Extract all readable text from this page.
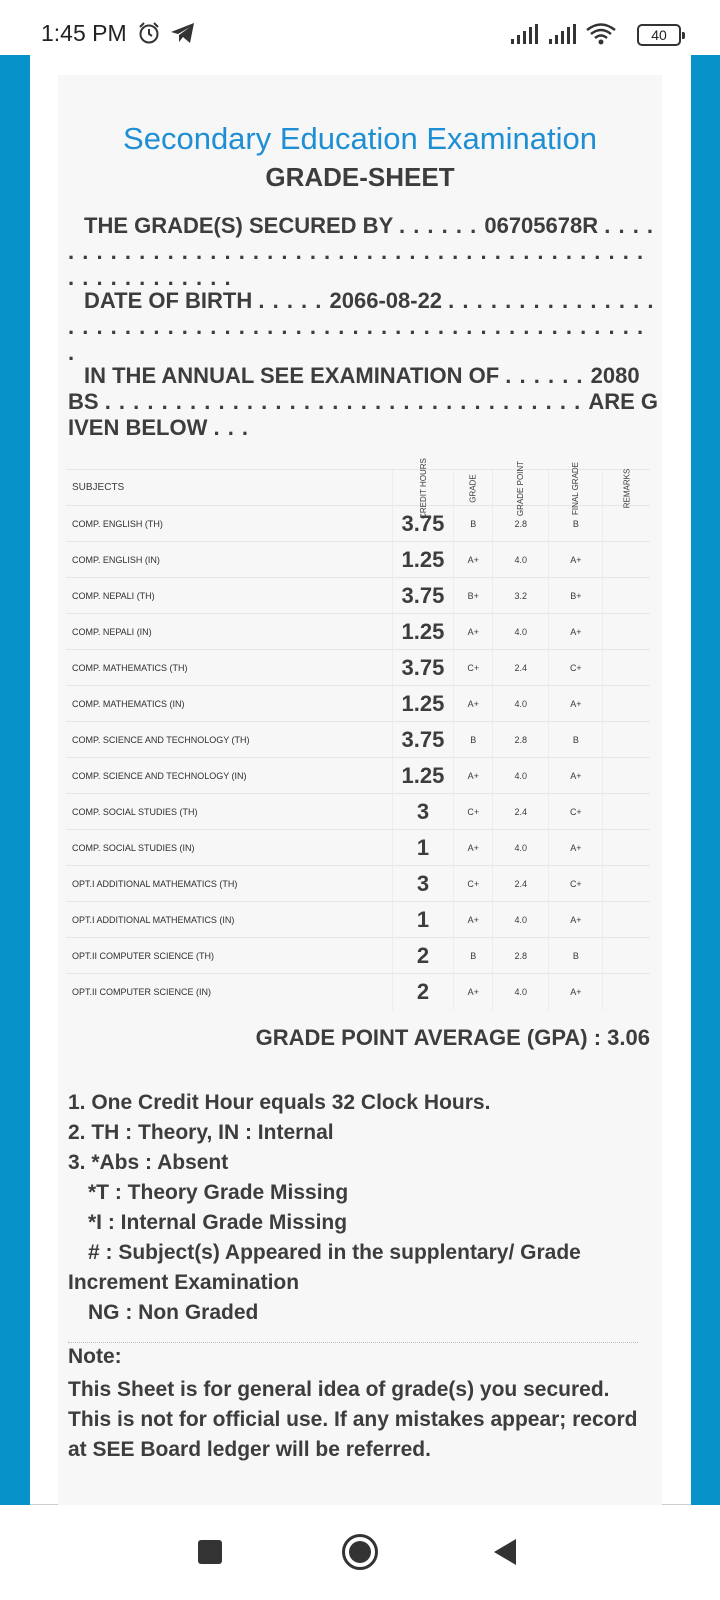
1:45 PM	40
Secondary Education Examination
GRADE-SHEET
THE GRADE(S) SECURED BY . . . . . . 06705678R . . . . . . . . . . . . . . . . . . . . . . . . . . . . . . . . . . . . . . . . . . . . . . . . . . . . . . . . .
DATE OF BIRTH . . . . . 2066-08-22 . . . . . . . . . . . . . . . . . . . . . . . . . . . . . . . . . . . . . . . . . . . . . . . . . . . . . . . . .
IN THE ANNUAL SEE EXAMINATION OF . . . . . . 2080 BS . . . . . . . . . . . . . . . . . . . . . . . . . . . . . . . . . . ARE GIVEN BELOW . . .
SUBJECTS	CREDIT HOURS	GRADE	GRADE POINT	FINAL GRADE	REMARKS
COMP. ENGLISH (TH)	3.75	B	2.8	B	
COMP. ENGLISH (IN)	1.25	A+	4.0	A+	
COMP. NEPALI (TH)	3.75	B+	3.2	B+	
COMP. NEPALI (IN)	1.25	A+	4.0	A+	
COMP. MATHEMATICS (TH)	3.75	C+	2.4	C+	
COMP. MATHEMATICS (IN)	1.25	A+	4.0	A+	
COMP. SCIENCE AND TECHNOLOGY (TH)	3.75	B	2.8	B	
COMP. SCIENCE AND TECHNOLOGY (IN)	1.25	A+	4.0	A+	
COMP. SOCIAL STUDIES (TH)	3	C+	2.4	C+	
COMP. SOCIAL STUDIES (IN)	1	A+	4.0	A+	
OPT.I ADDITIONAL MATHEMATICS (TH)	3	C+	2.4	C+	
OPT.I ADDITIONAL MATHEMATICS (IN)	1	A+	4.0	A+	
OPT.II COMPUTER SCIENCE (TH)	2	B	2.8	B	
OPT.II COMPUTER SCIENCE (IN)	2	A+	4.0	A+	
GRADE POINT AVERAGE (GPA) : 3.06
1. One Credit Hour equals 32 Clock Hours.
2. TH : Theory, IN : Internal
3. *Abs : Absent
*T : Theory Grade Missing
*I : Internal Grade Missing
# : Subject(s) Appeared in the supplentary/ Grade Increment Examination
NG : Non Graded
Note:
This Sheet is for general idea of grade(s) you secured. This is not for official use. If any mistakes appear; record at SEE Board ledger will be referred.
